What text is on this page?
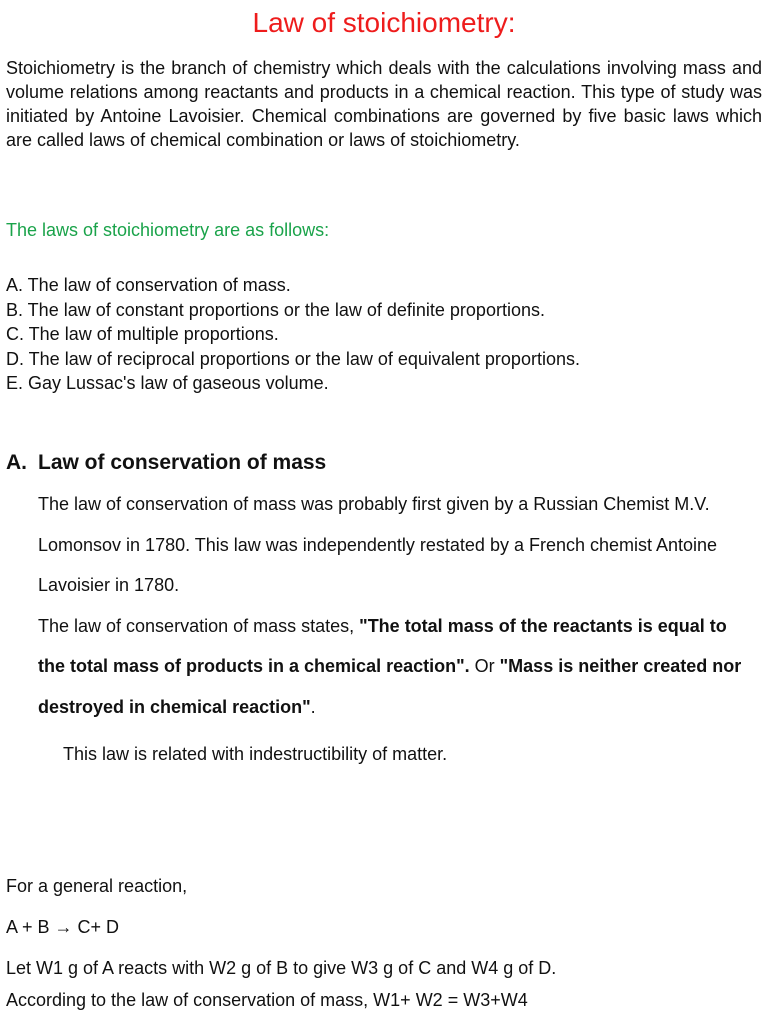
Law of stoichiometry:
Stoichiometry is the branch of chemistry which deals with the calculations involving mass and volume relations among reactants and products in a chemical reaction. This type of study was initiated by Antoine Lavoisier. Chemical combinations are governed by five basic laws which are called laws of chemical combination or laws of stoichiometry.
The laws of stoichiometry are as follows:
A. The law of conservation of mass.
B. The law of constant proportions or the law of definite proportions.
C. The law of multiple proportions.
D. The law of reciprocal proportions or the law of equivalent proportions.
E. Gay Lussac's law of gaseous volume.
A. Law of conservation of mass

The law of conservation of mass was probably first given by a Russian Chemist M.V. Lomonsov in 1780. This law was independently restated by a French chemist Antoine Lavoisier in 1780.

The law of conservation of mass states, "The total mass of the reactants is equal to the total mass of products in a chemical reaction". Or "Mass is neither created nor destroyed in chemical reaction".

This law is related with indestructibility of matter.
For a general reaction,
A + B → C+ D
Let W1 g of A reacts with W2 g of B to give W3 g of C and W4 g of D.
According to the law of conservation of mass, W1+ W2 = W3+W4
